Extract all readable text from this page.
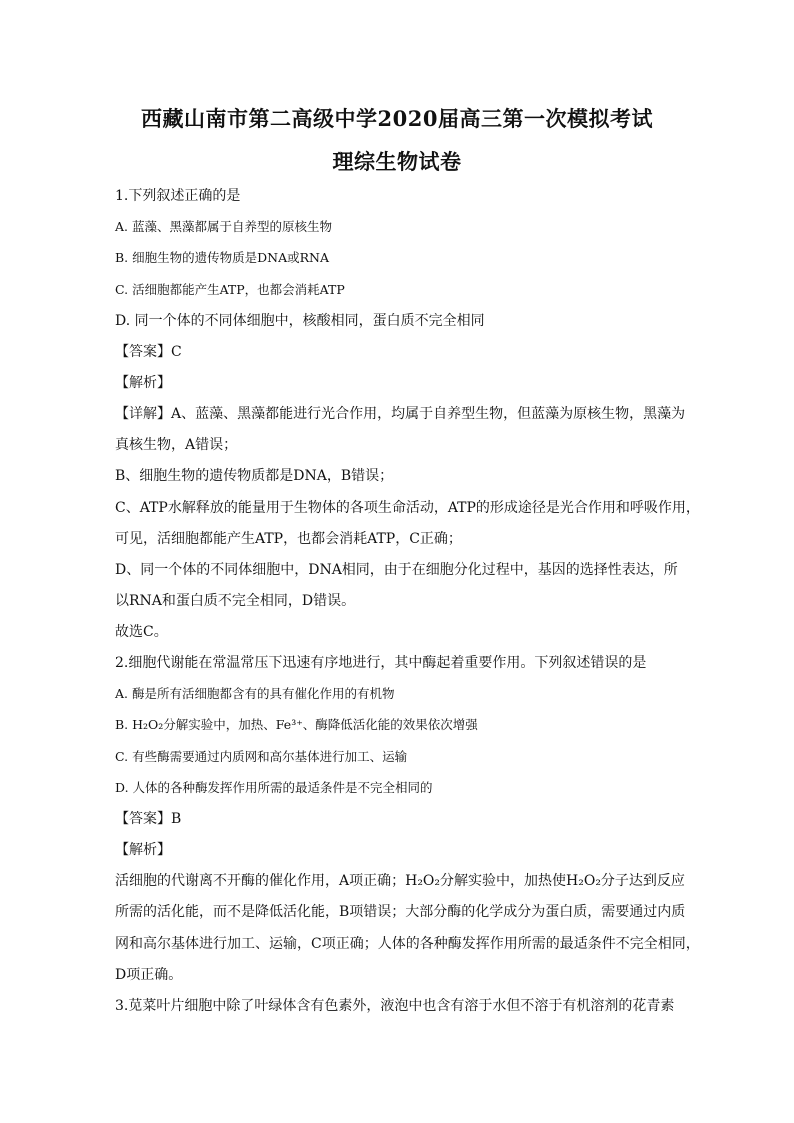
西藏山南市第二高级中学2020届高三第一次模拟考试
理综生物试卷
1.下列叙述正确的是
A. 蓝藻、黑藻都属于自养型的原核生物
B. 细胞生物的遗传物质是DNA或RNA
C. 活细胞都能产生ATP，也都会消耗ATP
D. 同一个体的不同体细胞中，核酸相同，蛋白质不完全相同
【答案】C
【解析】
【详解】A、蓝藻、黑藻都能进行光合作用，均属于自养型生物，但蓝藻为原核生物，黑藻为
真核生物，A错误；
B、细胞生物的遗传物质都是DNA，B错误；
C、ATP水解释放的能量用于生物体的各项生命活动，ATP的形成途径是光合作用和呼吸作用，
可见，活细胞都能产生ATP，也都会消耗ATP，C正确；
D、同一个体的不同体细胞中，DNA相同，由于在细胞分化过程中，基因的选择性表达，所
以RNA和蛋白质不完全相同，D错误。
故选C。
2.细胞代谢能在常温常压下迅速有序地进行，其中酶起着重要作用。下列叙述错误的是
A. 酶是所有活细胞都含有的具有催化作用的有机物
B. H₂O₂分解实验中，加热、Fe³⁺、酶降低活化能的效果依次增强
C. 有些酶需要通过内质网和高尔基体进行加工、运输
D. 人体的各种酶发挥作用所需的最适条件是不完全相同的
【答案】B
【解析】
活细胞的代谢离不开酶的催化作用，A项正确；H₂O₂分解实验中，加热使H₂O₂分子达到反应
所需的活化能，而不是降低活化能，B项错误；大部分酶的化学成分为蛋白质，需要通过内质
网和高尔基体进行加工、运输，C项正确；人体的各种酶发挥作用所需的最适条件不完全相同，
D项正确。
3.苋菜叶片细胞中除了叶绿体含有色素外，液泡中也含有溶于水但不溶于有机溶剂的花青素
